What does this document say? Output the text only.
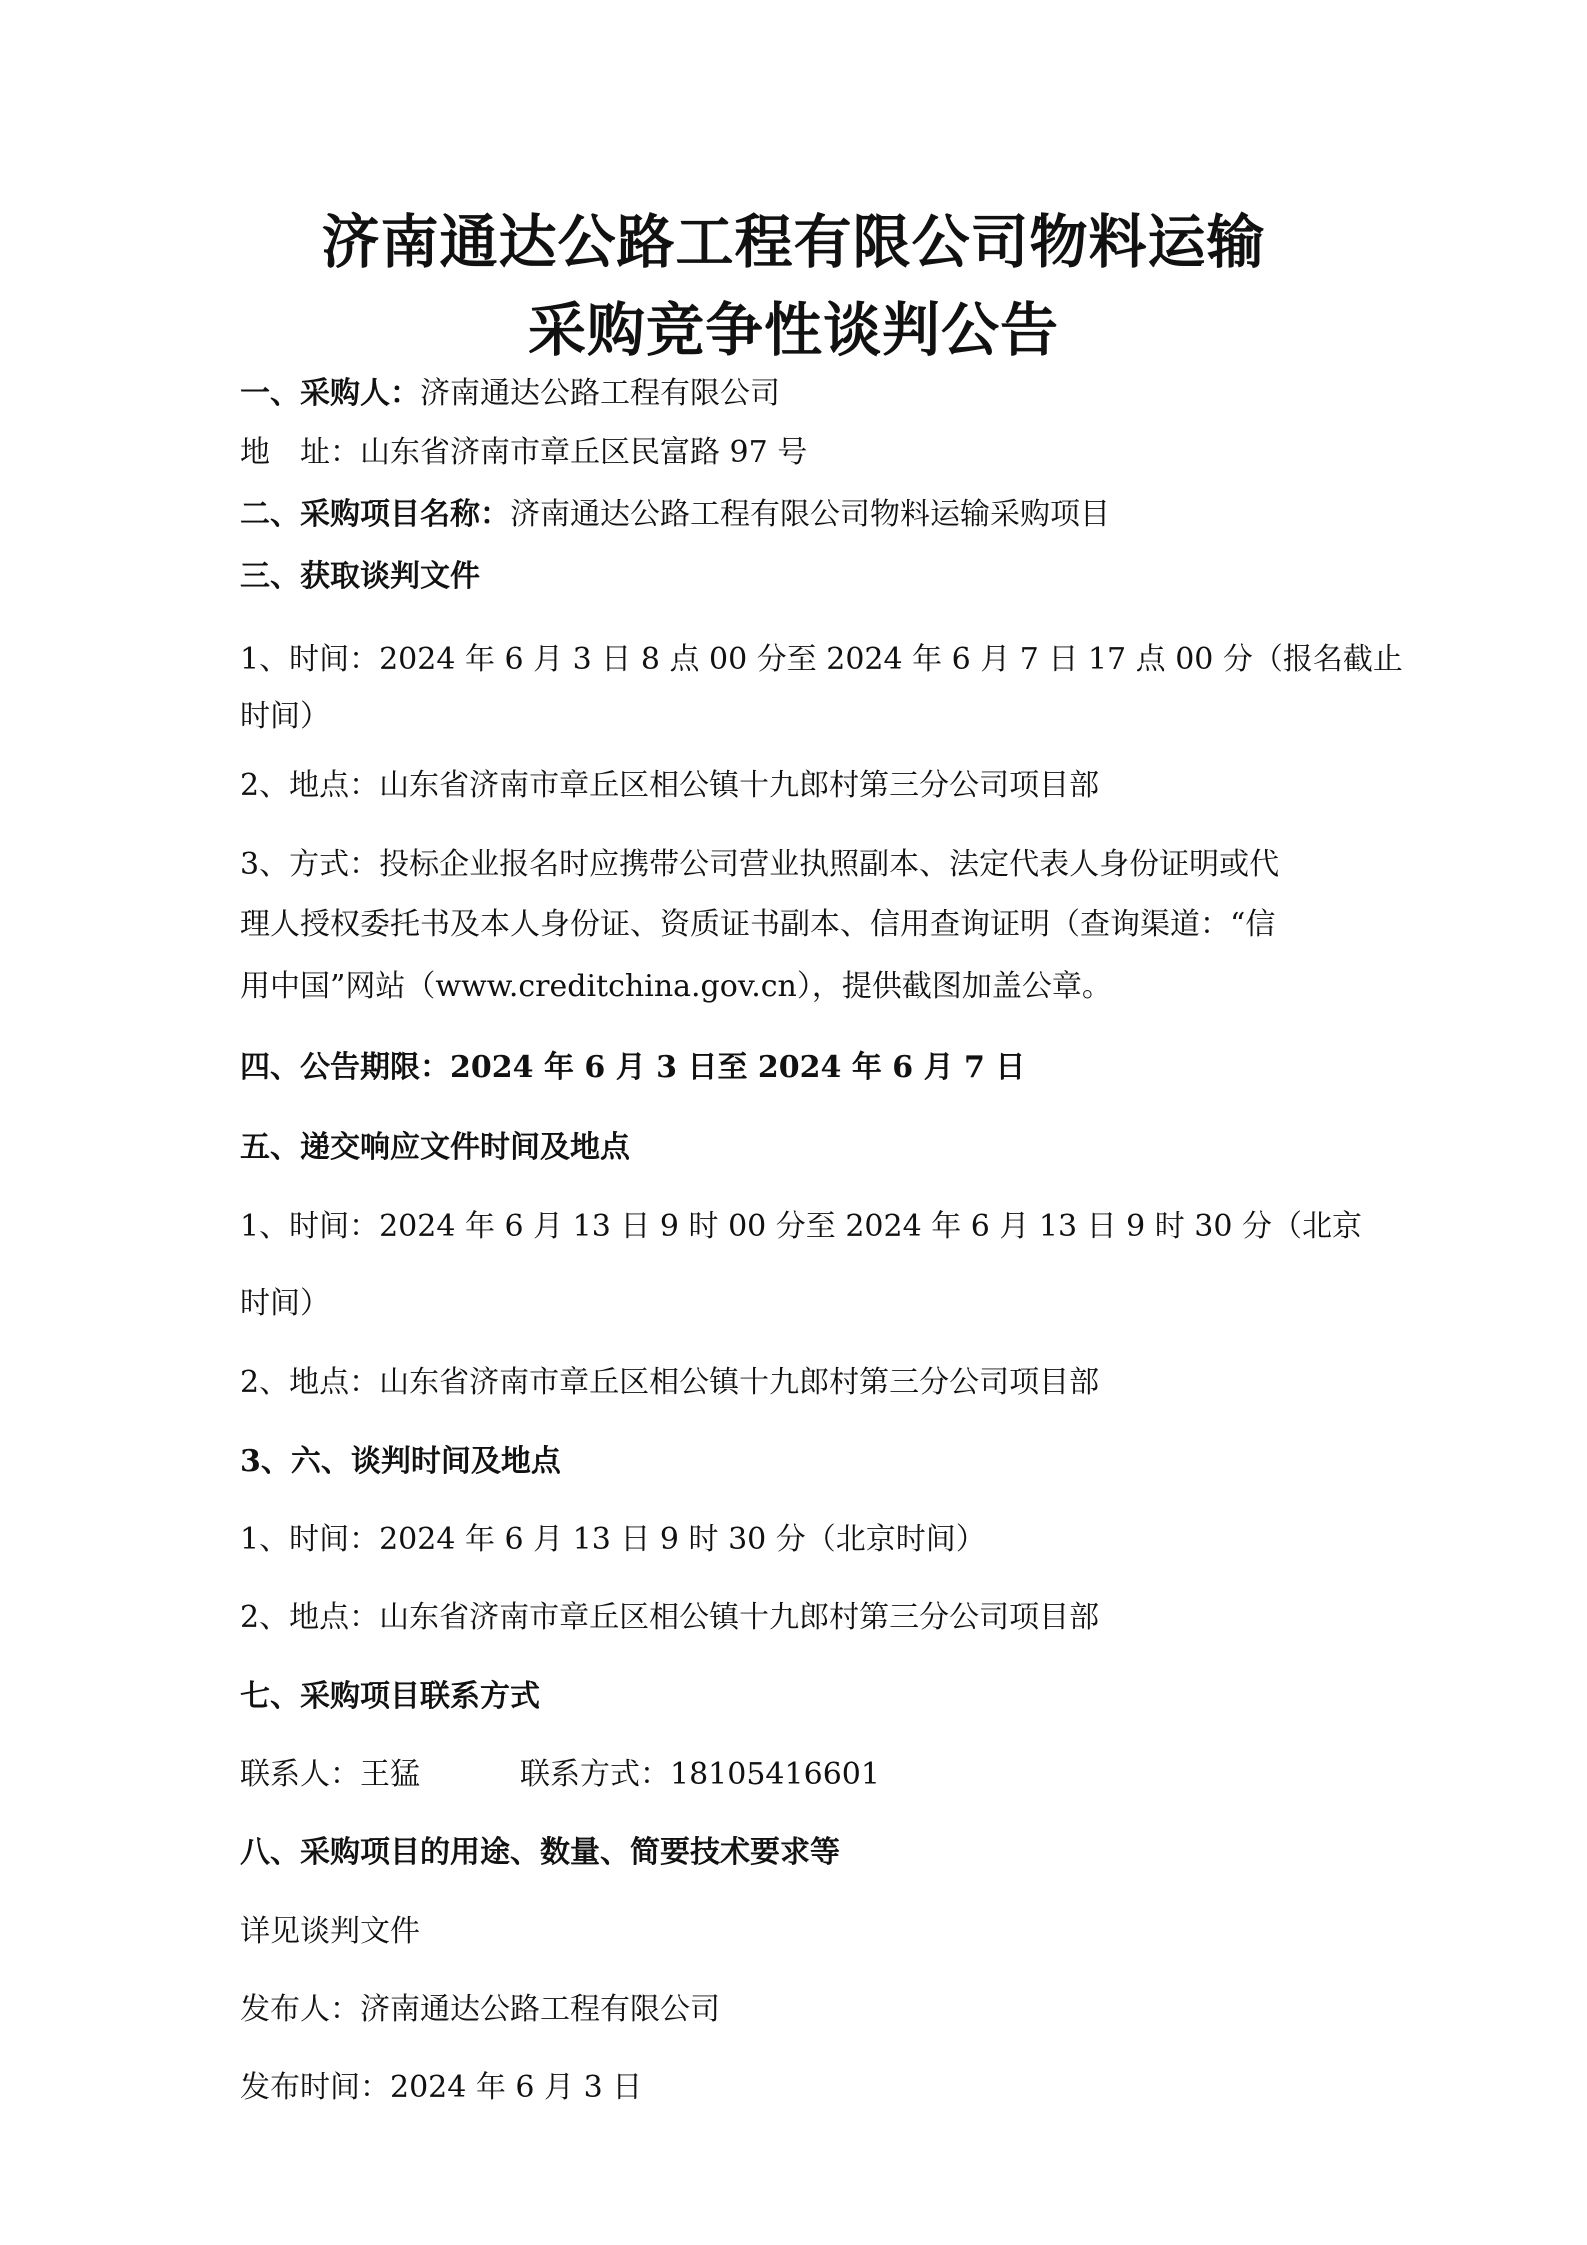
济南通达公路工程有限公司物料运输
采购竞争性谈判公告
一、采购人：济南通达公路工程有限公司
地　址：山东省济南市章丘区民富路 97 号
二、采购项目名称：济南通达公路工程有限公司物料运输采购项目
三、获取谈判文件
1、时间：2024 年 6 月 3 日 8 点 00 分至 2024 年 6 月 7 日 17 点 00 分（报名截止
时间）
2、地点：山东省济南市章丘区相公镇十九郎村第三分公司项目部
3、方式：投标企业报名时应携带公司营业执照副本、法定代表人身份证明或代
理人授权委托书及本人身份证、资质证书副本、信用查询证明（查询渠道：“信
用中国”网站（www.creditchina.gov.cn），提供截图加盖公章。
四、公告期限：2024 年 6 月 3 日至 2024 年 6 月 7 日
五、递交响应文件时间及地点
1、时间：2024 年 6 月 13 日 9 时 00 分至 2024 年 6 月 13 日 9 时 30 分（北京
时间）
2、地点：山东省济南市章丘区相公镇十九郎村第三分公司项目部
3、六、谈判时间及地点
1、时间：2024 年 6 月 13 日 9 时 30 分（北京时间）
2、地点：山东省济南市章丘区相公镇十九郎村第三分公司项目部
七、采购项目联系方式
联系人：王猛	联系方式：18105416601
八、采购项目的用途、数量、简要技术要求等
详见谈判文件
发布人：济南通达公路工程有限公司
发布时间：2024 年 6 月 3 日
